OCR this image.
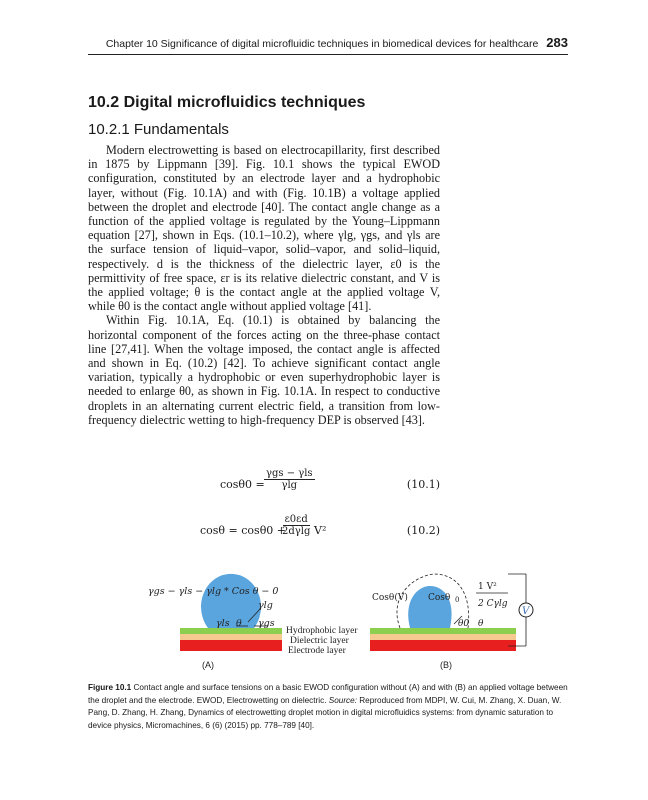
Chapter 10 Significance of digital microfluidic techniques in biomedical devices for healthcare 283
10.2 Digital microfluidics techniques
10.2.1 Fundamentals

Modern electrowetting is based on electrocapillarity, first described in 1875 by Lippmann [39]. Fig. 10.1 shows the typical EWOD configuration, constituted by an electrode layer and a hydrophobic layer, without (Fig. 10.1A) and with (Fig. 10.1B) a voltage applied between the droplet and electrode [40]. The contact angle change as a function of the applied voltage is regulated by the Young–Lippmann equation [27], shown in Eqs. (10.1–10.2), where γlg, γgs, and γls are the surface tension of liquid–vapor, solid–vapor, and solid–liquid, respectively. d is the thickness of the dielectric layer, ε0 is the permittivity of free space, εr is its relative dielectric constant, and V is the applied voltage; θ is the contact angle at the applied voltage V, while θ0 is the contact angle without applied voltage [41].

Within Fig. 10.1A, Eq. (10.1) is obtained by balancing the horizontal component of the forces acting on the three-phase contact line [27,41]. When the voltage imposed, the contact angle is affected and shown in Eq. (10.2) [42]. To achieve significant contact angle variation, typically a hydrophobic or even superhydrophobic layer is needed to enlarge θ0, as shown in Fig. 10.1A. In respect to conductive droplets in an alternating current electric field, a transition from low-frequency dielectric wetting to high-frequency DEP is observed [43].

cosθ0 =
γgs − γls
γlg	(10.1)
cosθ = cosθ0 +
$\frac{\varepsilon 0\varepsilon d}{2d\gamma\lg} V^2$	(10.2)
γgs − γls − γlg * Cos θ − 0
γlg
γls θ γgs
(A)
Hydrophobic layer
Dielectric layer
Electrode layer
V
Cosθ(V) Cosθ 0
1 V²
2 Cγlg
θ0 θ
(B)
Figure 10.1 Contact angle and surface tensions on a basic EWOD configuration without (A) and with (B) an applied voltage between the droplet and the electrode. EWOD, Electrowetting on dielectric. Source: Reproduced from MDPI, W. Cui, M. Zhang, X. Duan, W. Pang, D. Zhang, H. Zhang, Dynamics of electrowetting droplet motion in digital microfluidics systems: from dynamic saturation to device physics, Micromachines, 6 (6) (2015) pp. 778–789 [40].
